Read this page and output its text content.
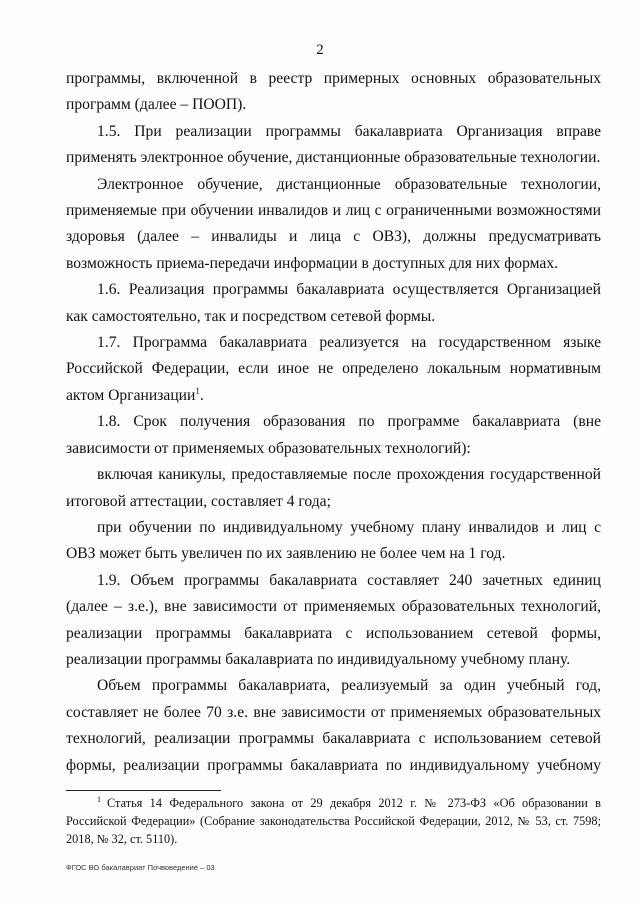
2

программы, включенной в реестр примерных основных образовательных программ (далее – ПООП).

1.5. При реализации программы бакалавриата Организация вправе применять электронное обучение, дистанционные образовательные технологии.

Электронное обучение, дистанционные образовательные технологии, применяемые при обучении инвалидов и лиц с ограниченными возможностями здоровья (далее – инвалиды и лица с ОВЗ), должны предусматривать возможность приема-передачи информации в доступных для них формах.

1.6. Реализация программы бакалавриата осуществляется Организацией как самостоятельно, так и посредством сетевой формы.

1.7. Программа бакалавриата реализуется на государственном языке Российской Федерации, если иное не определено локальным нормативным актом Организации$^1$.

1.8. Срок получения образования по программе бакалавриата (вне зависимости от применяемых образовательных технологий):

включая каникулы, предоставляемые после прохождения государственной итоговой аттестации, составляет 4 года;

при обучении по индивидуальному учебному плану инвалидов и лиц с ОВЗ может быть увеличен по их заявлению не более чем на 1 год.

1.9. Объем программы бакалавриата составляет 240 зачетных единиц (далее – з.е.), вне зависимости от применяемых образовательных технологий, реализации программы бакалавриата с использованием сетевой формы, реализации программы бакалавриата по индивидуальному учебному плану.

Объем программы бакалавриата, реализуемый за один учебный год, составляет не более 70 з.е. вне зависимости от применяемых образовательных технологий, реализации программы бакалавриата с использованием сетевой формы, реализации программы бакалавриата по индивидуальному учебному

$^1$ Статья 14 Федерального закона от 29 декабря 2012 г. № 273-ФЗ «Об образовании в Российской Федерации» (Собрание законодательства Российской Федерации, 2012, № 53, ст. 7598; 2018, № 32, ст. 5110).

ФГОС ВО бакалавриат Почвоведение – 03
